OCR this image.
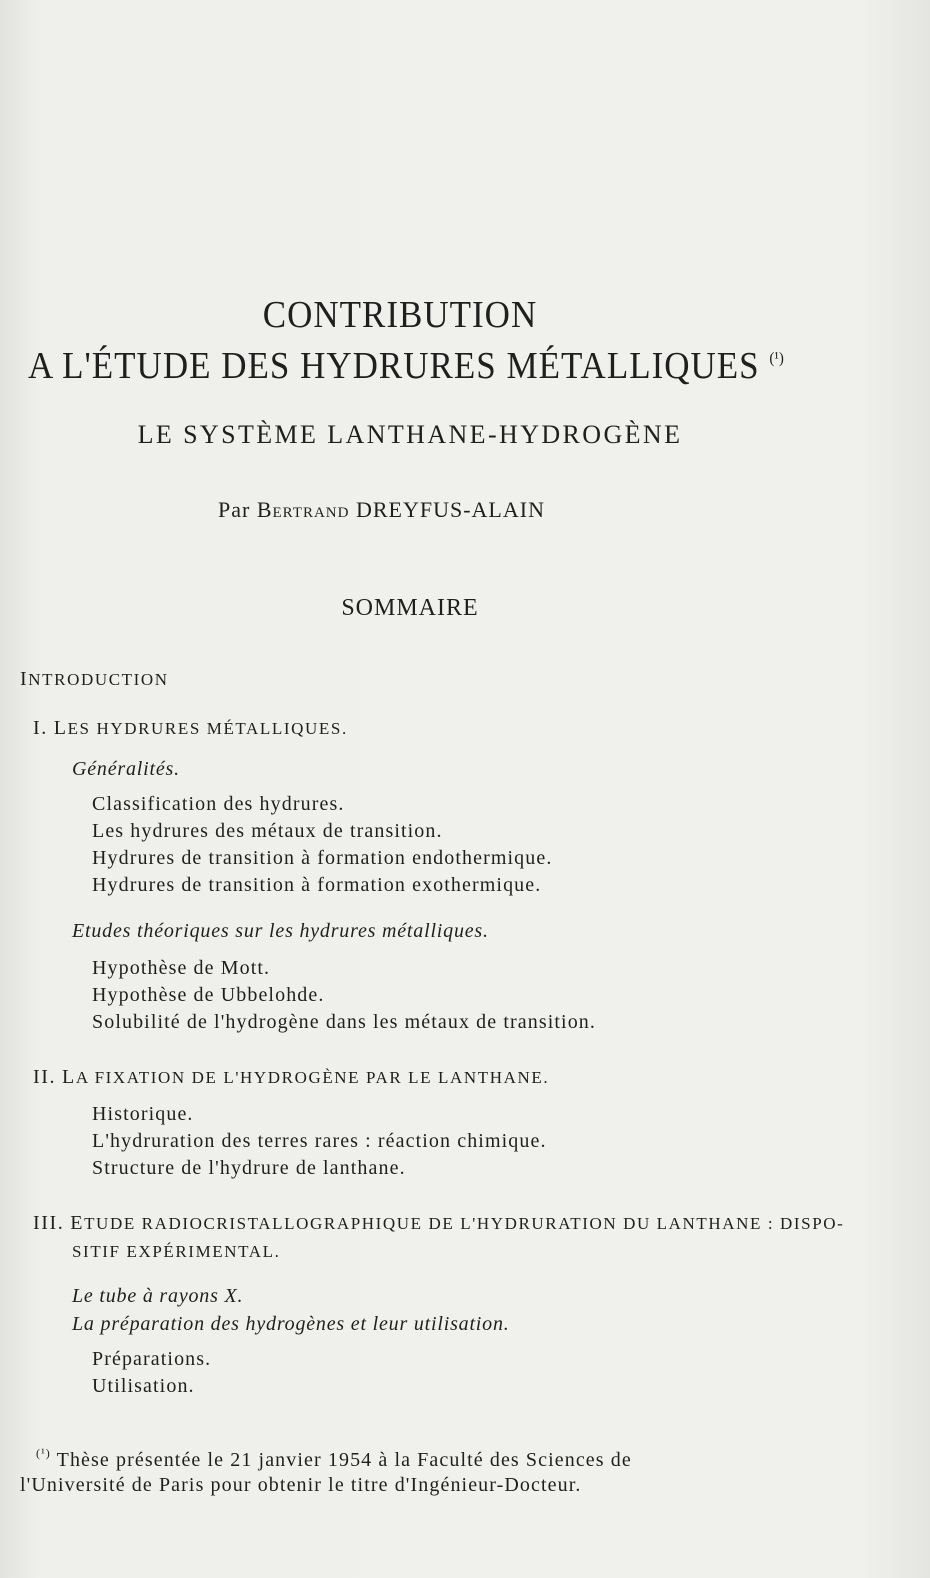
CONTRIBUTION
A L'ÉTUDE DES HYDRURES MÉTALLIQUES $^{(^1)}$
LE SYSTÈME LANTHANE-HYDROGÈNE
Par BERTRAND DREYFUS-ALAIN
SOMMAIRE
INTRODUCTION
I. LES HYDRURES MÉTALLIQUES.
Généralités.
Classification des hydrures.
Les hydrures des métaux de transition.
Hydrures de transition à formation endothermique.
Hydrures de transition à formation exothermique.
Etudes théoriques sur les hydrures métalliques.
Hypothèse de Mott.
Hypothèse de Ubbelohde.
Solubilité de l'hydrogène dans les métaux de transition.
II. LA FIXATION DE L'HYDROGÈNE PAR LE LANTHANE.
Historique.
L'hydruration des terres rares : réaction chimique.
Structure de l'hydrure de lanthane.
III. ETUDE RADIOCRISTALLOGRAPHIQUE DE L'HYDRURATION DU LANTHANE : DISPO-
SITIF EXPÉRIMENTAL.
Le tube à rayons X.
La préparation des hydrogènes et leur utilisation.
Préparations.
Utilisation.
$^{(^1)}$ Thèse présentée le 21 janvier 1954 à la Faculté des Sciences de
l'Université de Paris pour obtenir le titre d'Ingénieur-Docteur.
